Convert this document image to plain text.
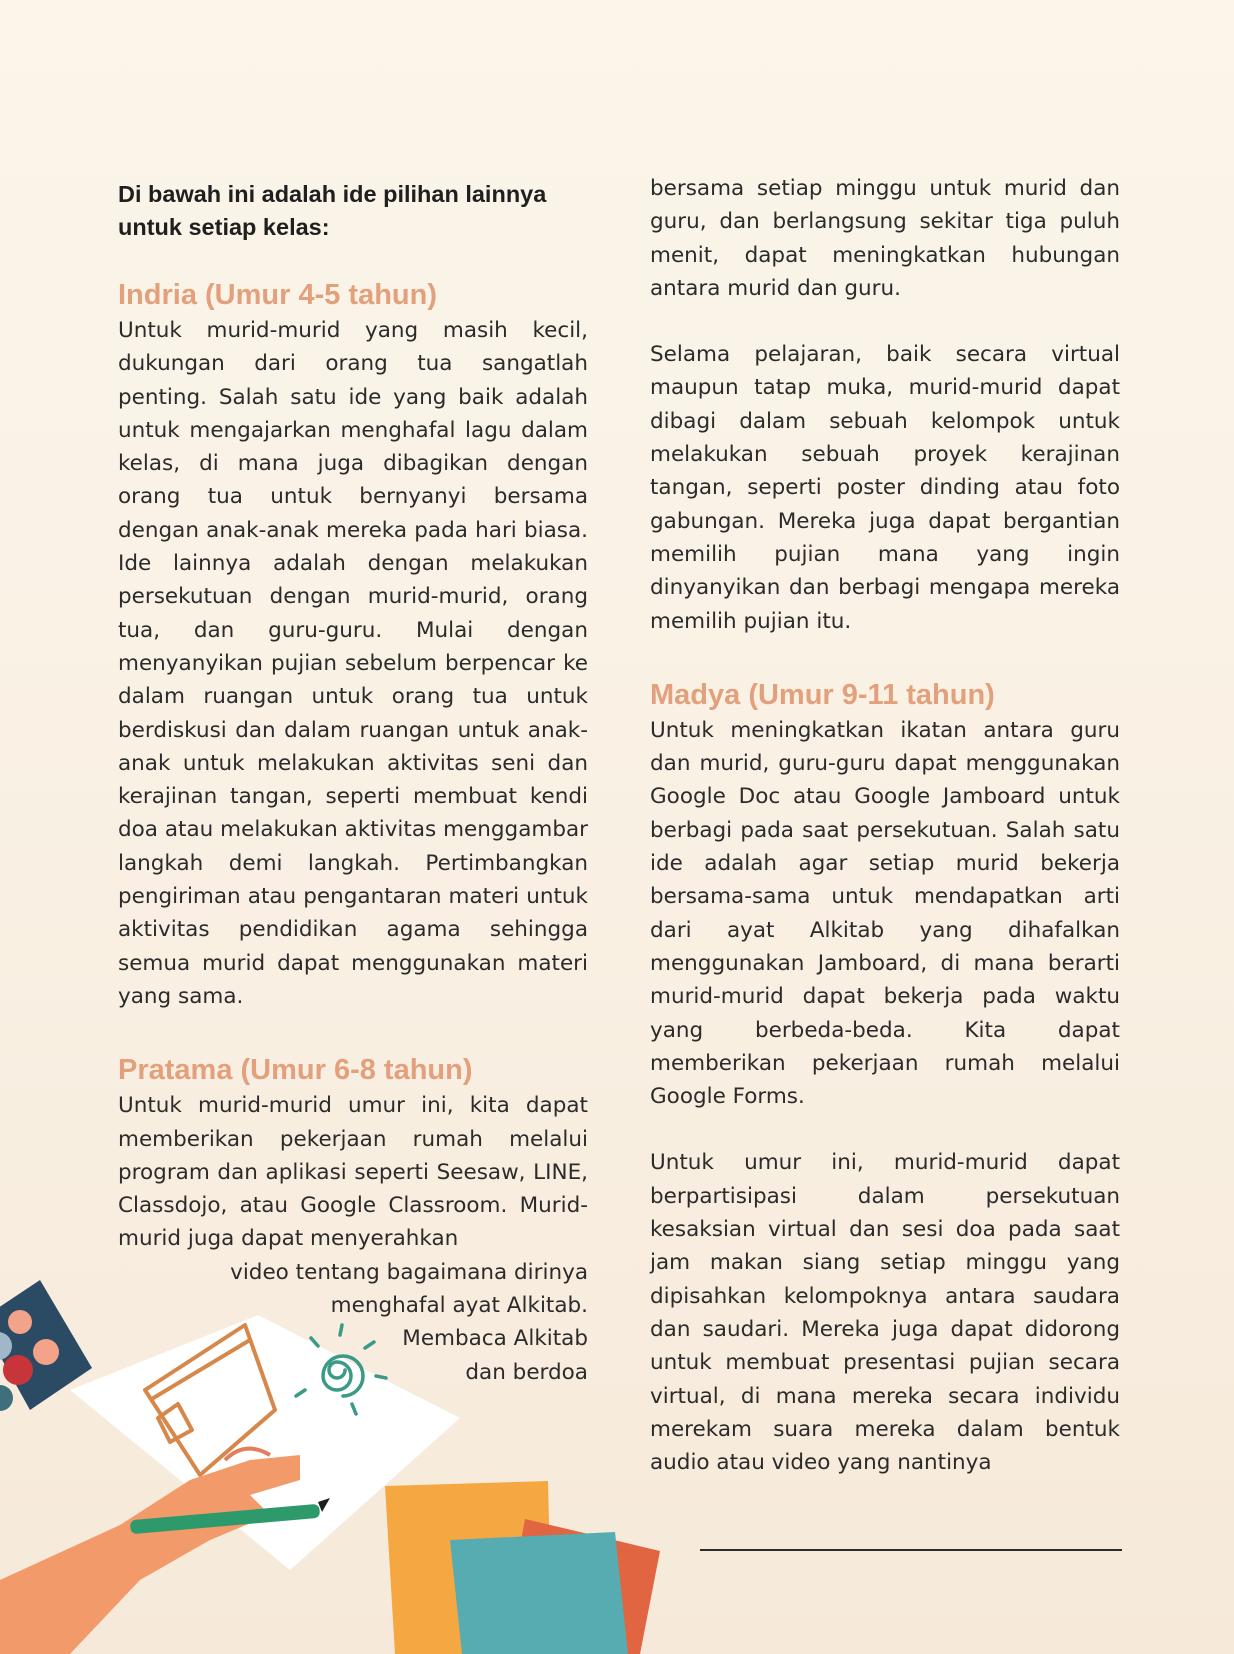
Di bawah ini adalah ide pilihan lainnya untuk setiap kelas:
Indria (Umur 4-5 tahun)

Untuk murid-murid yang masih kecil, dukungan dari orang tua sangatlah penting. Salah satu ide yang baik adalah untuk mengajarkan menghafal lagu dalam kelas, di mana juga dibagikan dengan orang tua untuk bernyanyi bersama dengan anak-anak mereka pada hari biasa. Ide lainnya adalah dengan melakukan persekutuan dengan murid-murid, orang tua, dan guru-guru. Mulai dengan menyanyikan pujian sebelum berpencar ke dalam ruangan untuk orang tua untuk berdiskusi dan dalam ruangan untuk anak-anak untuk melakukan aktivitas seni dan kerajinan tangan, seperti membuat kendi doa atau melakukan aktivitas menggambar langkah demi langkah. Pertimbangkan pengiriman atau pengantaran materi untuk aktivitas pendidikan agama sehingga semua murid dapat menggunakan materi yang sama.

Pratama (Umur 6-8 tahun)

Untuk murid-murid umur ini, kita dapat memberikan pekerjaan rumah melalui program dan aplikasi seperti Seesaw, LINE, Classdojo, atau Google Classroom. Murid-murid juga dapat menyerahkan

video tentang bagaimana dirinya
menghafal ayat Alkitab.
Membaca Alkitab
dan berdoa

bersama setiap minggu untuk murid dan guru, dan berlangsung sekitar tiga puluh menit, dapat meningkatkan hubungan antara murid dan guru.

Selama pelajaran, baik secara virtual maupun tatap muka, murid-murid dapat dibagi dalam sebuah kelompok untuk melakukan sebuah proyek kerajinan tangan, seperti poster dinding atau foto gabungan. Mereka juga dapat bergantian memilih pujian mana yang ingin dinyanyikan dan berbagi mengapa mereka memilih pujian itu.

Madya (Umur 9-11 tahun)

Untuk meningkatkan ikatan antara guru dan murid, guru-guru dapat menggunakan Google Doc atau Google Jamboard untuk berbagi pada saat persekutuan. Salah satu ide adalah agar setiap murid bekerja bersama-sama untuk mendapatkan arti dari ayat Alkitab yang dihafalkan menggunakan Jamboard, di mana berarti murid-murid dapat bekerja pada waktu yang berbeda-beda. Kita dapat memberikan pekerjaan rumah melalui Google Forms.

Untuk umur ini, murid-murid dapat berpartisipasi dalam persekutuan kesaksian virtual dan sesi doa pada saat jam makan siang setiap minggu yang dipisahkan kelompoknya antara saudara dan saudari. Mereka juga dapat didorong untuk membuat presentasi pujian secara virtual, di mana mereka secara individu merekam suara mereka dalam bentuk audio atau video yang nantinya
